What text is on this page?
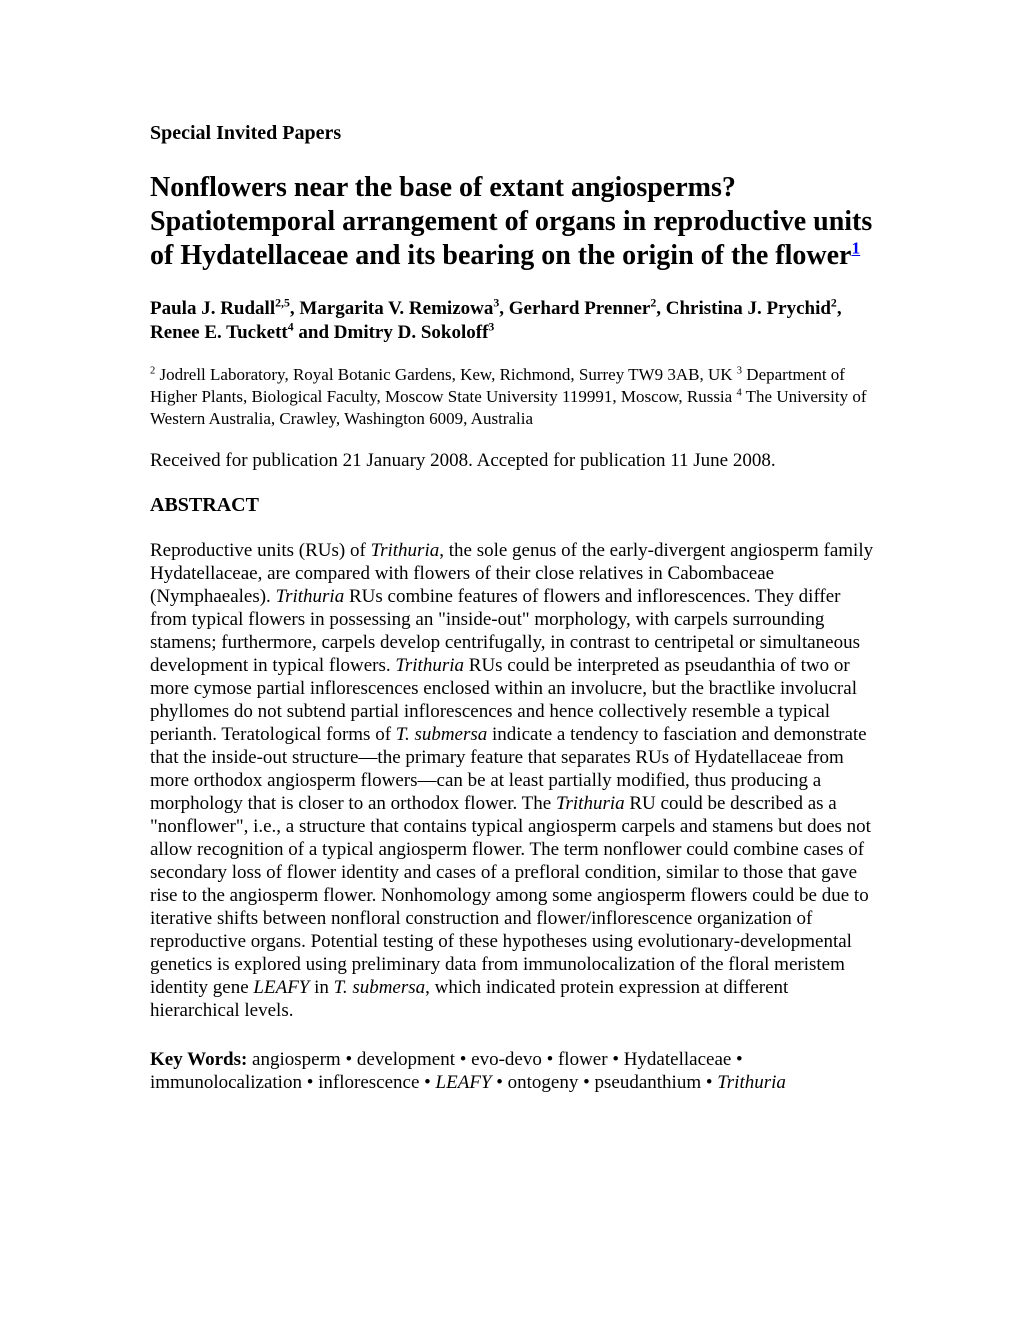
Special Invited Papers

Nonflowers near the base of extant angiosperms? Spatiotemporal arrangement of organs in reproductive units of Hydatellaceae and its bearing on the origin of the flower$^1$

Paula J. Rudall$^{2,5}$, Margarita V. Remizowa$^3$, Gerhard Prenner$^2$, Christina J. Prychid$^2$, Renee E. Tuckett$^4$ and Dmitry D. Sokoloff$^3$

$^2$ Jodrell Laboratory, Royal Botanic Gardens, Kew, Richmond, Surrey TW9 3AB, UK $^3$ Department of Higher Plants, Biological Faculty, Moscow State University 119991, Moscow, Russia $^4$ The University of Western Australia, Crawley, Washington 6009, Australia

Received for publication 21 January 2008. Accepted for publication 11 June 2008.

ABSTRACT

Reproductive units (RUs) of Trithuria, the sole genus of the early-divergent angiosperm family Hydatellaceae, are compared with flowers of their close relatives in Cabombaceae (Nymphaeales). Trithuria RUs combine features of flowers and inflorescences. They differ from typical flowers in possessing an "inside-out" morphology, with carpels surrounding stamens; furthermore, carpels develop centrifugally, in contrast to centripetal or simultaneous development in typical flowers. Trithuria RUs could be interpreted as pseudanthia of two or more cymose partial inflorescences enclosed within an involucre, but the bractlike involucral phyllomes do not subtend partial inflorescences and hence collectively resemble a typical perianth. Teratological forms of T. submersa indicate a tendency to fasciation and demonstrate that the inside-out structure—the primary feature that separates RUs of Hydatellaceae from more orthodox angiosperm flowers—can be at least partially modified, thus producing a morphology that is closer to an orthodox flower. The Trithuria RU could be described as a "nonflower", i.e., a structure that contains typical angiosperm carpels and stamens but does not allow recognition of a typical angiosperm flower. The term nonflower could combine cases of secondary loss of flower identity and cases of a prefloral condition, similar to those that gave rise to the angiosperm flower. Nonhomology among some angiosperm flowers could be due to iterative shifts between nonfloral construction and flower/inflorescence organization of reproductive organs. Potential testing of these hypotheses using evolutionary-developmental genetics is explored using preliminary data from immunolocalization of the floral meristem identity gene LEAFY in T. submersa, which indicated protein expression at different hierarchical levels.

Key Words: angiosperm • development • evo-devo • flower • Hydatellaceae • immunolocalization • inflorescence • LEAFY • ontogeny • pseudanthium • Trithuria
